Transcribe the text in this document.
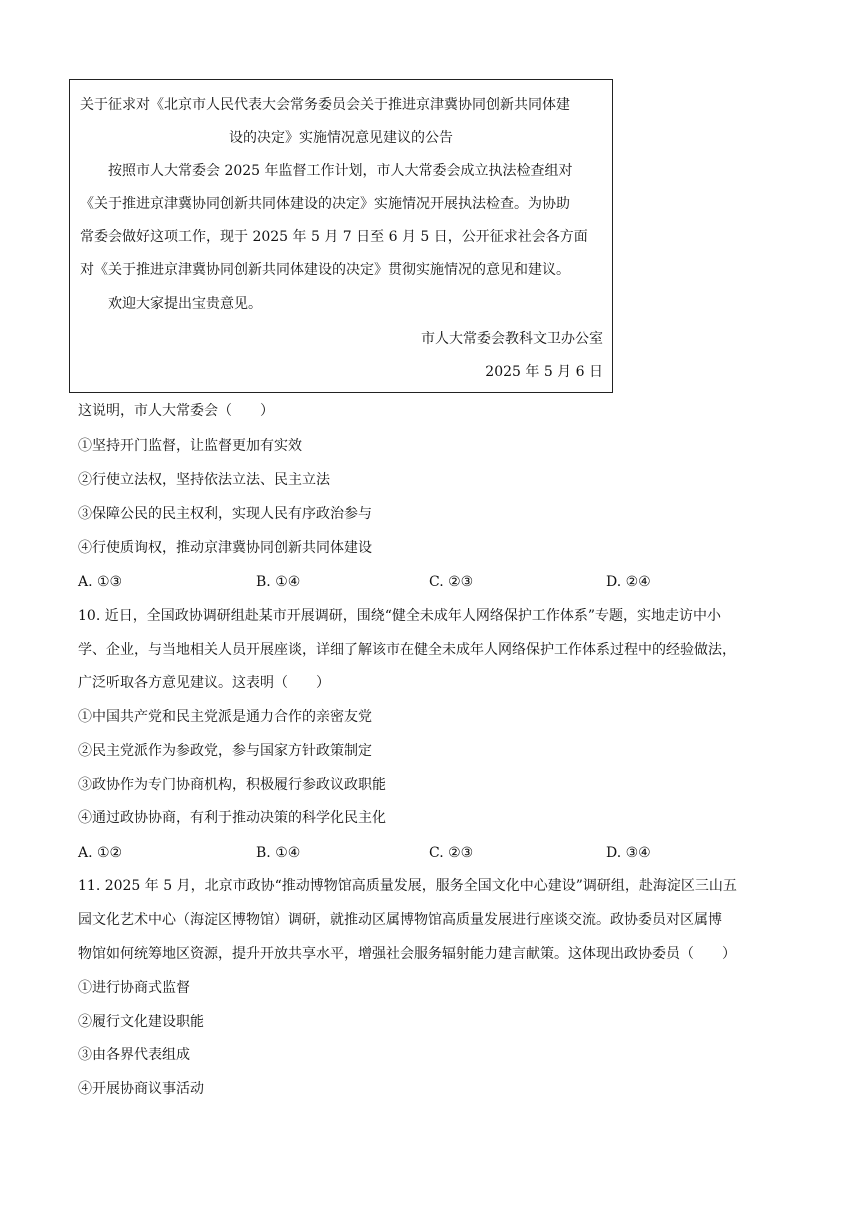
关于征求对《北京市人民代表大会常务委员会关于推进京津冀协同创新共同体建
设的决定》实施情况意见建议的公告
按照市人大常委会 2025 年监督工作计划，市人大常委会成立执法检查组对
《关于推进京津冀协同创新共同体建设的决定》实施情况开展执法检查。为协助
常委会做好这项工作，现于 2025 年 5 月 7 日至 6 月 5 日，公开征求社会各方面
对《关于推进京津冀协同创新共同体建设的决定》贯彻实施情况的意见和建议。
欢迎大家提出宝贵意见。
市人大常委会教科文卫办公室
2025 年 5 月 6 日
这说明，市人大常委会（　　）
①坚持开门监督，让监督更加有实效
②行使立法权，坚持依法立法、民主立法
③保障公民的民主权利，实现人民有序政治参与
④行使质询权，推动京津冀协同创新共同体建设
A. ①③	B. ①④	C. ②③	D. ②④
10. 近日，全国政协调研组赴某市开展调研，围绕“健全未成年人网络保护工作体系”专题，实地走访中小
学、企业，与当地相关人员开展座谈，详细了解该市在健全未成年人网络保护工作体系过程中的经验做法，
广泛听取各方意见建议。这表明（　　）
①中国共产党和民主党派是通力合作的亲密友党
②民主党派作为参政党，参与国家方针政策制定
③政协作为专门协商机构，积极履行参政议政职能
④通过政协协商，有利于推动决策的科学化民主化
A. ①②	B. ①④	C. ②③	D. ③④
11. 2025 年 5 月，北京市政协“推动博物馆高质量发展，服务全国文化中心建设”调研组，赴海淀区三山五
园文化艺术中心（海淀区博物馆）调研，就推动区属博物馆高质量发展进行座谈交流。政协委员对区属博
物馆如何统筹地区资源，提升开放共享水平，增强社会服务辐射能力建言献策。这体现出政协委员（　　）
①进行协商式监督
②履行文化建设职能
③由各界代表组成
④开展协商议事活动
